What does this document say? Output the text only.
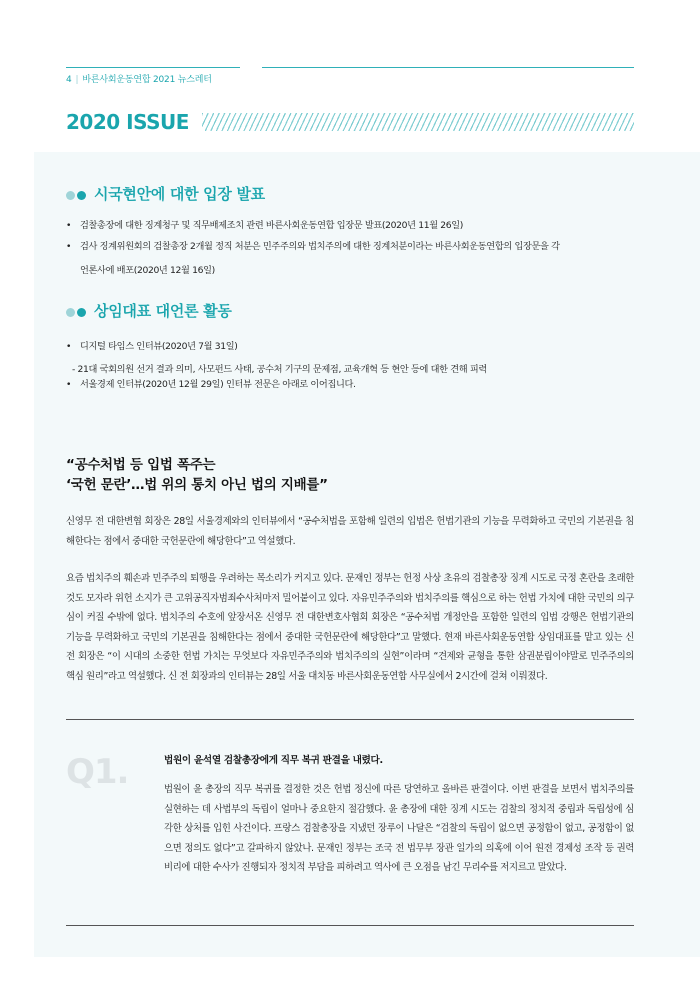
4 | 바른사회운동연합 2021 뉴스레터
2020 ISSUE
시국현안에 대한 입장 발표
• 검찰총장에 대한 징계청구 및 직무배제조치 관련 바른사회운동연합 입장문 발표(2020년 11월 26일)
• 검사 징계위원회의 검찰총장 2개월 정직 처분은 민주주의와 법치주의에 대한 징계처분이라는 바른사회운동연합의 입장문을 각
언론사에 배포(2020년 12월 16일)
상임대표 대언론 활동
• 디지털 타임스 인터뷰(2020년 7월 31일)
- 21대 국회의원 선거 결과 의미, 사모펀드 사태, 공수처 기구의 문제점, 교육개혁 등 현안 등에 대한 견해 피력
• 서울경제 인터뷰(2020년 12월 29일) 인터뷰 전문은 아래로 이어집니다.
“공수처법 등 입법 폭주는
‘국헌 문란’…법 위의 통치 아닌 법의 지배를”
신영무 전 대한변협 회장은 28일 서울경제와의 인터뷰에서 “공수처법을 포함해 일련의 입법은 헌법기관의 기능을 무력화하고 국민의 기본권을 침해한다는 점에서 중대한 국헌문란에 해당한다”고 역설했다.
요즘 법치주의 훼손과 민주주의 퇴행을 우려하는 목소리가 커지고 있다. 문재인 정부는 헌정 사상 초유의 검찰총장 징계 시도로 국정 혼란을 초래한 것도 모자라 위헌 소지가 큰 고위공직자범죄수사처마저 밀어붙이고 있다. 자유민주주의와 법치주의를 핵심으로 하는 헌법 가치에 대한 국민의 의구심이 커질 수밖에 없다. 법치주의 수호에 앞장서온 신영무 전 대한변호사협회 회장은 “공수처법 개정안을 포함한 일련의 입법 강행은 헌법기관의 기능을 무력화하고 국민의 기본권을 침해한다는 점에서 중대한 국헌문란에 해당한다”고 말했다. 현재 바른사회운동연합 상임대표를 맡고 있는 신 전 회장은 “이 시대의 소중한 헌법 가치는 무엇보다 자유민주주의와 법치주의의 실현”이라며 “견제와 균형을 통한 삼권분립이야말로 민주주의의 핵심 원리”라고 역설했다. 신 전 회장과의 인터뷰는 28일 서울 대치동 바른사회운동연합 사무실에서 2시간에 걸쳐 이뤄졌다.
Q1.	법원이 윤석열 검찰총장에게 직무 복귀 판결을 내렸다.
법원이 윤 총장의 직무 복귀를 결정한 것은 헌법 정신에 따른 당연하고 올바른 판결이다. 이번 판결을 보면서 법치주의를 실현하는 데 사법부의 독립이 얼마나 중요한지 절감했다. 윤 총장에 대한 징계 시도는 검찰의 정치적 중립과 독립성에 심각한 상처를 입힌 사건이다. 프랑스 검찰총장을 지냈던 장루이 나달은 “검찰의 독립이 없으면 공정함이 없고, 공정함이 없으면 정의도 없다”고 갈파하지 않았나. 문재인 정부는 조국 전 법무부 장관 일가의 의혹에 이어 원전 경제성 조작 등 권력 비리에 대한 수사가 진행되자 정치적 부담을 피하려고 역사에 큰 오점을 남긴 무리수를 저지르고 말았다.
